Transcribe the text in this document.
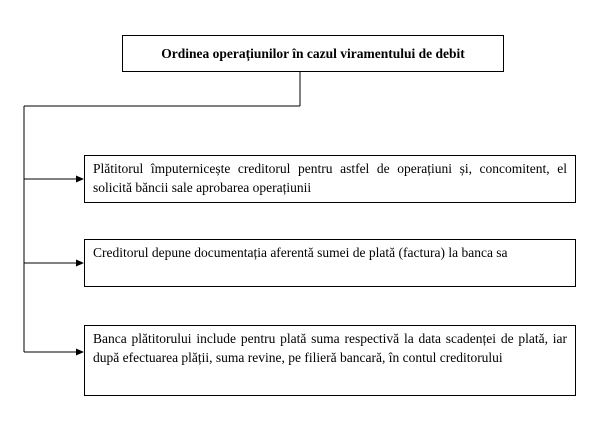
Ordinea operațiunilor în cazul viramentului de debit
Plătitorul împuternicește creditorul pentru astfel de operațiuni și, concomitent, el solicită băncii sale aprobarea operațiunii
Creditorul depune documentația aferentă sumei de plată (factura) la banca sa
Banca plătitorului include pentru plată suma respectivă la data scadenței de plată, iar după efectuarea plății, suma revine, pe filieră bancară, în contul creditorului
